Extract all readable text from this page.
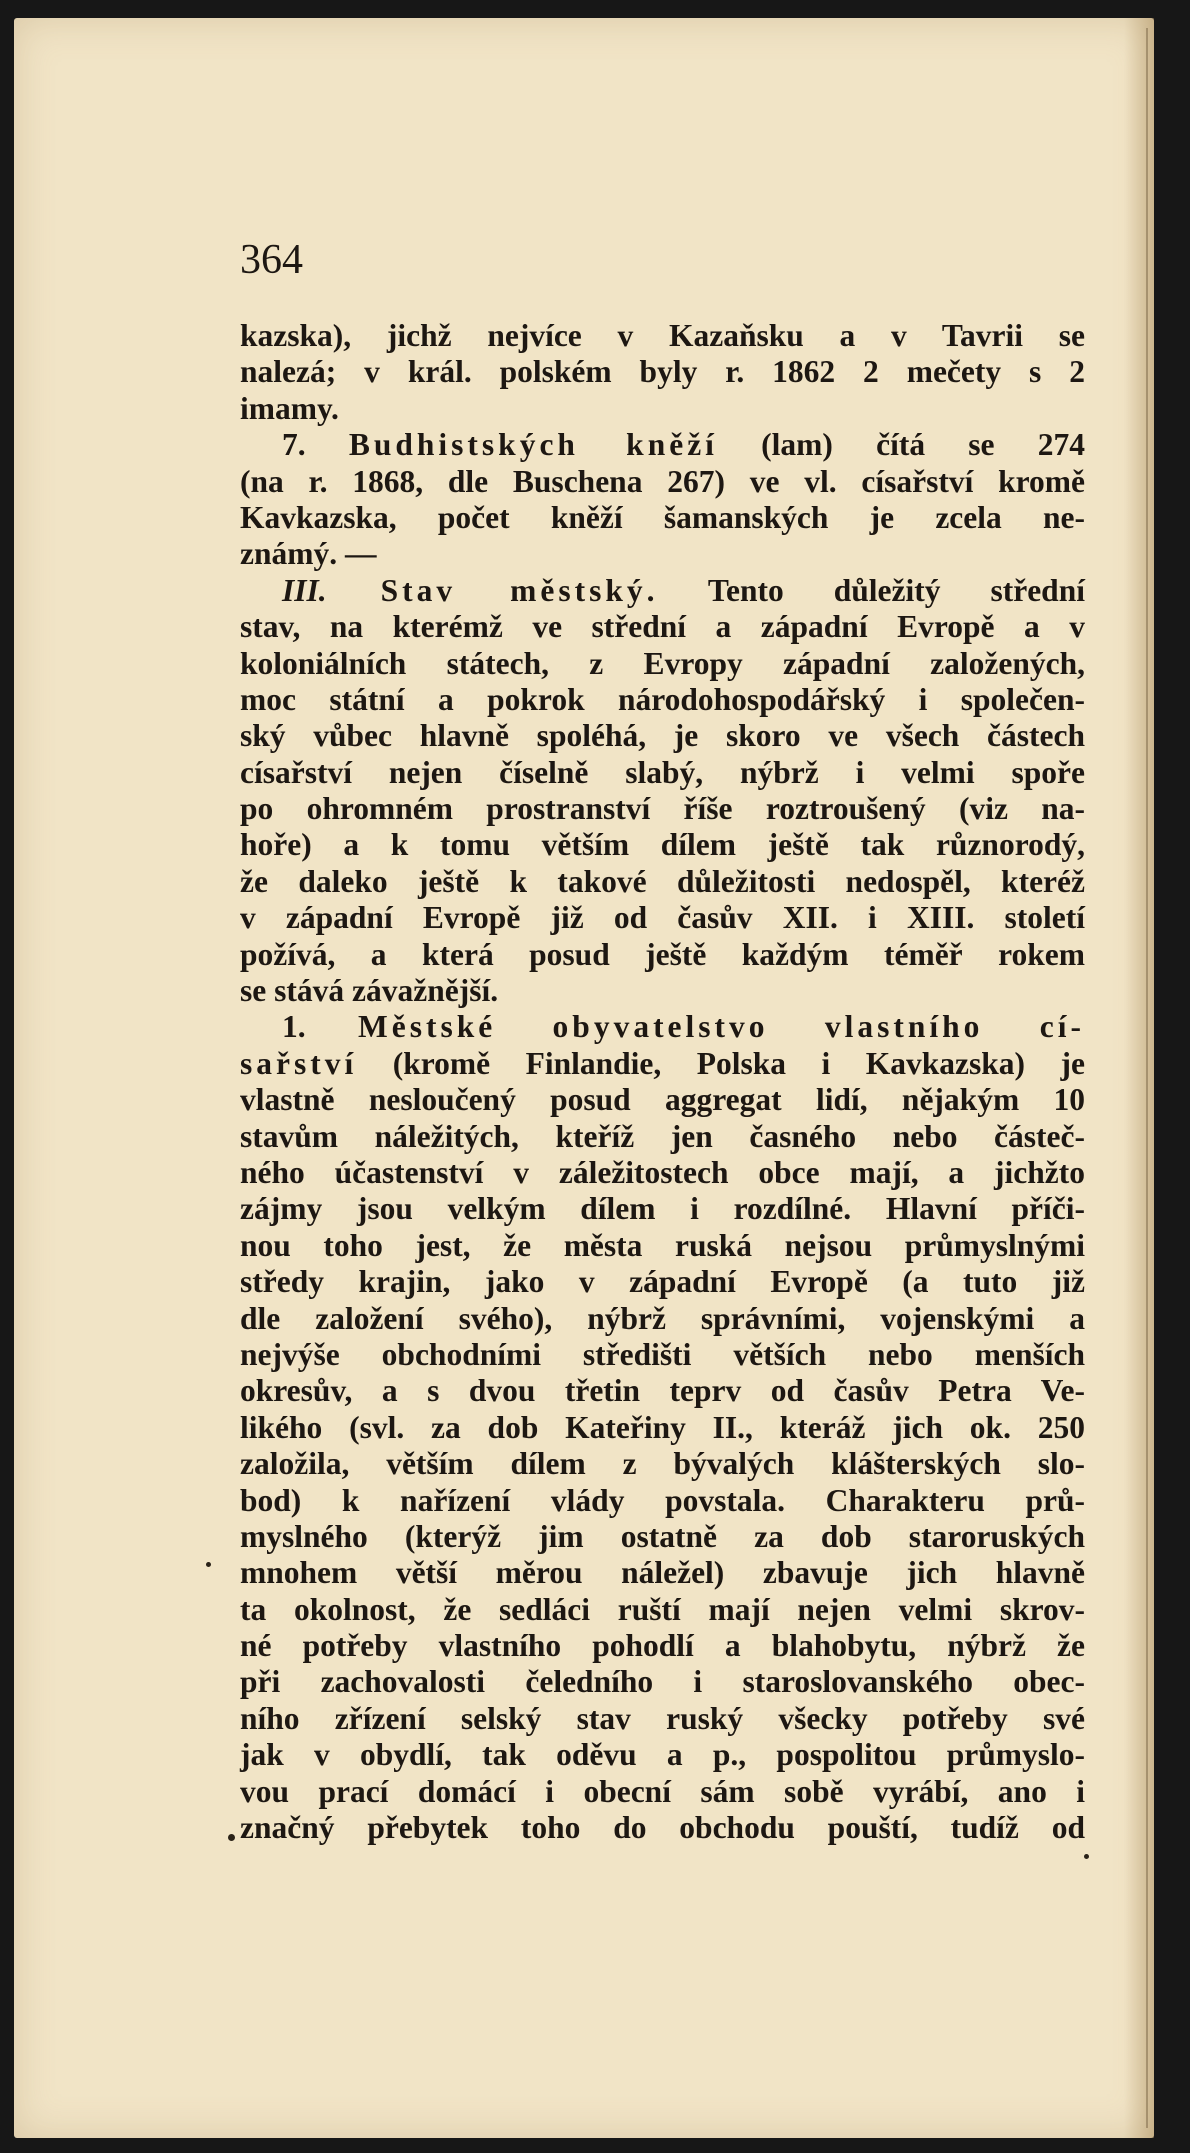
364
kazska), jichž nejvíce v Kazaňsku a v Tavrii se
nalezá; v král. polském byly r. 1862 2 mečety s 2
imamy.
7. Budhistských kněží (lam) čítá se 274
(na r. 1868, dle Buschena 267) ve vl. císařství kromě
Kavkazska, počet kněží šamanských je zcela ne-
známý. —
III. Stav městský. Tento důležitý střední
stav, na kterémž ve střední a západní Evropě a v
koloniálních státech, z Evropy západní založených,
moc státní a pokrok národohospodářský i společen-
ský vůbec hlavně spoléhá, je skoro ve všech částech
císařství nejen číselně slabý, nýbrž i velmi spoře
po ohromném prostranství říše roztroušený (viz na-
hoře) a k tomu větším dílem ještě tak různorodý,
že daleko ještě k takové důležitosti nedospěl, kteréž
v západní Evropě již od časův XII. i XIII. století
požívá, a která posud ještě každým téměř rokem
se stává závažnější.
1. Městské obyvatelstvo vlastního cí-
sařství (kromě Finlandie, Polska i Kavkazska) je
vlastně nesloučený posud aggregat lidí, nějakým 10
stavům náležitých, kteříž jen časného nebo částeč-
ného účastenství v záležitostech obce mají, a jichžto
zájmy jsou velkým dílem i rozdílné. Hlavní příči-
nou toho jest, že města ruská nejsou průmyslnými
středy krajin, jako v západní Evropě (a tuto již
dle založení svého), nýbrž správními, vojenskými a
nejvýše obchodními středišti větších nebo menších
okresův, a s dvou třetin teprv od časův Petra Ve-
likého (svl. za dob Kateřiny II., kteráž jich ok. 250
založila, větším dílem z bývalých klášterských slo-
bod) k nařízení vlády povstala. Charakteru prů-
myslného (kterýž jim ostatně za dob staroruských
mnohem větší měrou náležel) zbavuje jich hlavně
ta okolnost, že sedláci ruští mají nejen velmi skrov-
né potřeby vlastního pohodlí a blahobytu, nýbrž že
při zachovalosti čeledního i staroslovanského obec-
ního zřízení selský stav ruský všecky potřeby své
jak v obydlí, tak oděvu a p., pospolitou průmyslo-
vou prací domácí i obecní sám sobě vyrábí, ano i
značný přebytek toho do obchodu pouští, tudíž od
